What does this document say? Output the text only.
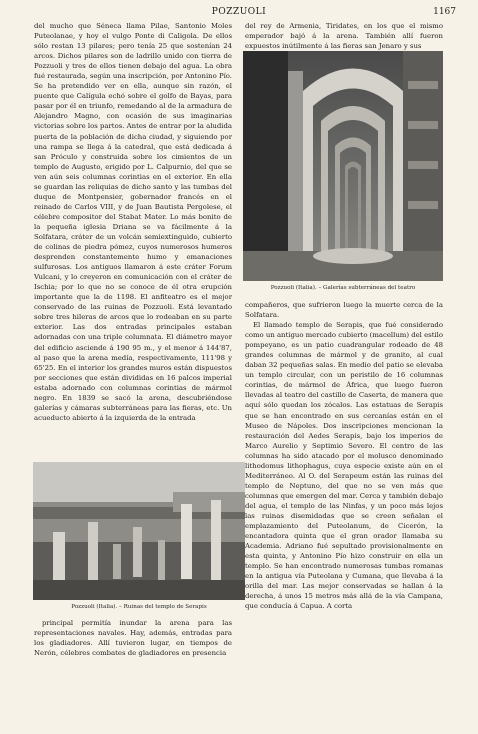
POZZUOLI	1167

del mucho que Séneca llama Pilae, Santonio Moles Puteolanae, y hoy el vulgo Ponte di Caligola. De ellos sólo restan 13 pilares; pero tenía 25 que sostenían 24 arcos. Dichos pilares son de ladrillo unido con tierra de Pozzuoli y tres de ellos tienen debajo del agua. La obra fué restaurada, según una inscripción, por Antonino Pío. Se ha pretendido ver en ella, aunque sin razón, el puente que Calígula echó sobre el golfo de Bayas, para pasar por él en triunfo, remedando al de la armadura de Alejandro Magno, con ocasión de sus imaginarias victorias sobre los partos. Antes de entrar por la aludida puerta de la población de dicha ciudad, y siguiendo por una rampa se llega á la catedral, que está dedicada á san Próculo y construida sobre los cimientos de un templo de Augusto, erigido por L. Calpurnio, del que se ven aún seis columnas corintias en el exterior. En ella se guardan las reliquias de dicho santo y las tumbas del duque de Montpensier, gobernador francés en el reinado de Carlos VIII, y de Juan Bautista Pergolese, el célebre compositor del Stabat Mater. Lo más bonito de la pequeña iglesia Driana se va fácilmente á la Solfatara, cráter de un volcán semiextinguido, cubierto de colinas de piedra pómez, cuyos numerosos humeros desprenden constantemente humo y emanaciones sulfurosas. Los antiguos llamaron á este cráter Forum Vulcani, y lo creyeron en comunicación con el cráter de Ischia; por lo que no se conoce de él otra erupción importante que la de 1198. El anfiteatro es el mejor conservado de las ruinas de Pozzuoli. Está levantado sobre tres hileras de arcos que lo rodeaban en su parte exterior. Las dos entradas principales estaban adornadas con una triple columnata. El diámetro mayor del edificio asciende á 190 95 m., y el menor á 144'87, al paso que la arena medía, respectivamente, 111'98 y 65'25. En el interior los grandes muros están dispuestos por secciones que están divididas en 16 palcos imperial estaba adornado con columnas corintias de mármol negro. En 1839 se sacó la arena, descubriéndose galerías y cámaras subterráneas para las fieras, etc. Un acueducto abierto á la izquierda de la entrada

del rey de Armenia, Tiridates, en los que el mismo emperador bajó á la arena. También allí fueron expuestos inútilmente á las fieras san Jenaro y sus

Pozzuoli (Italia). – Galerías subterráneas del teatro

compañeros, que sufrieron luego la muerte cerca de la Solfatara.

El llamado templo de Serapis, que fué considerado como un antiguo mercado cubierto (macellum) del estilo pompeyano, es un patio cuadrangular rodeado de 48 grandes columnas de mármol y de granito, al cual daban 32 pequeñas salas. En medio del patio se elevaba un templo circular, con un peristilo de 16 columnas corintias, de mármol de África, que luego fueron llevadas al teatro del castillo de Caserta, de manera que aquí sólo quedan los zócalos. Las estatuas de Serapis que se han encontrado en sus cercanías están en el Museo de Nápoles. Dos inscripciones mencionan la restauración del Aedes Serapis, bajo los imperios de Marco Aurelio y Septimio Severo. El centro de las columnas ha sido atacado por el molusco denominado lithodomus lithophagus, cuya especie existe aún en el Mediterráneo. Al O. del Serapeum están las ruinas del templo de Neptuno, del que no se ven más que columnas que emergen del mar. Cerca y también debajo del agua, el templo de las Ninfas, y un poco más lejos las ruinas disemidadas que se creen señalan el emplazamiento del Puteolanum, de Cicerón, la encantadora quinta que el gran orador llamaba su Academia. Adriano fué sepultado provisionalmente en esta quinta, y Antonino Pío hizo construir en ella un templo. Se han encontrado numerosas tumbas romanas en la antigua vía Puteolana y Cumana, que llevaba á la orilla del mar. Las mejor conservadas se hallan á la derecha, á unos 15 metros más allá de la vía Campana, que conducía á Capua. A corta

Pozzuoli (Italia). – Ruinas del templo de Serapis

principal permitía inundar la arena para las representaciones navales. Hay, además, entradas para los gladiadores. Allí tuvieron lugar, en tiempos de Nerón, célebres combates de gladiadores en presencia
